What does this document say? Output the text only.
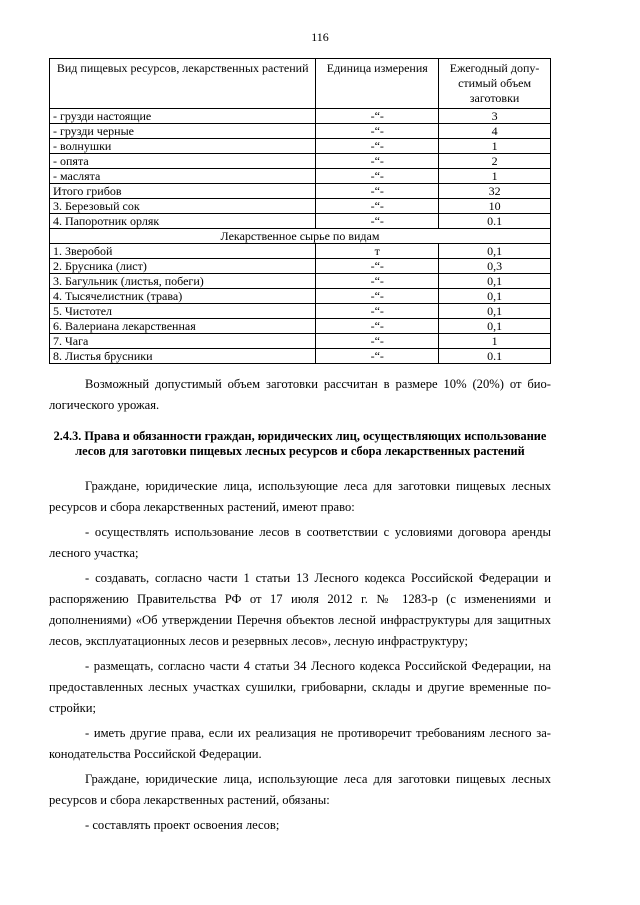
116
Вид пищевых ресурсов, лекарственных растений	Единица измерения	Ежегодный допу-стимый объем заготовки
- грузди настоящие	-“-	3
- грузди черные	-“-	4
- волнушки	-“-	1
- опята	-“-	2
- маслята	-“-	1
Итого грибов	-“-	32
3. Березовый сок	-“-	10
4. Папоротник орляк	-“-	0.1
Лекарственное сырье по видам		
1. Зверобой	т	0,1
2. Брусника (лист)	-“-	0,3
3. Багульник (листья, побеги)	-“-	0,1
4. Тысячелистник (трава)	-“-	0,1
5. Чистотел	-“-	0,1
6. Валериана лекарственная	-“-	0,1
7. Чага	-“-	1
8. Листья брусники	-“-	0.1

Возможный допустимый объем заготовки рассчитан в размере 10% (20%) от био-логического урожая.

2.4.3. Права и обязанности граждан, юридических лиц, осуществляющих использование лесов для заготовки пищевых лесных ресурсов и сбора лекарственных растений

Граждане, юридические лица, использующие леса для заготовки пищевых лесных ресурсов и сбора лекарственных растений, имеют право:

- осуществлять использование лесов в соответствии с условиями договора аренды лесного участка;

- создавать, согласно части 1 статьи 13 Лесного кодекса Российской Федерации и распоряжению Правительства РФ от 17 июля 2012 г. № 1283-р (с изменениями и дополнениями) «Об утверждении Перечня объектов лесной инфраструктуры для защитных лесов, эксплуатационных лесов и резервных лесов», лесную инфраструктуру;

- размещать, согласно части 4 статьи 34 Лесного кодекса Российской Федерации, на предоставленных лесных участках сушилки, грибоварни, склады и другие временные по-стройки;

- иметь другие права, если их реализация не противоречит требованиям лесного за-конодательства Российской Федерации.

Граждане, юридические лица, использующие леса для заготовки пищевых лесных ресурсов и сбора лекарственных растений, обязаны:

- составлять проект освоения лесов;
